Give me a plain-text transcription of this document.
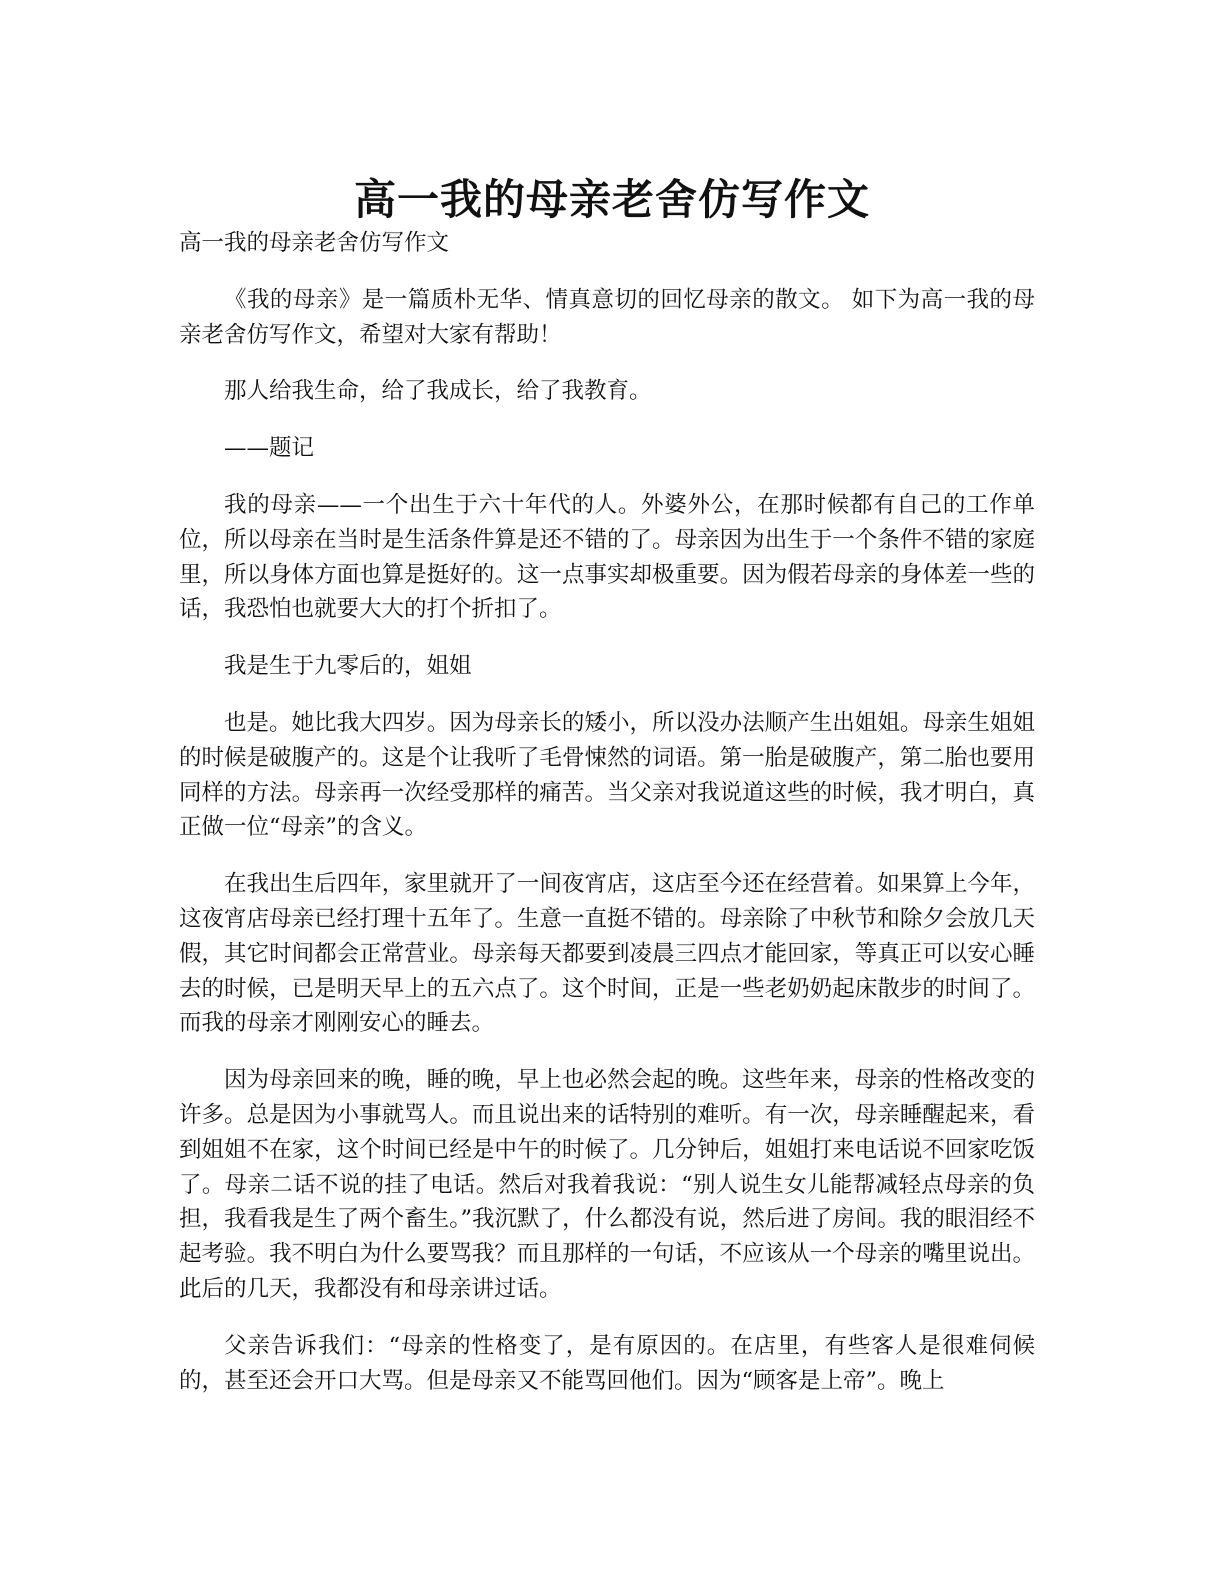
高一我的母亲老舍仿写作文

高一我的母亲老舍仿写作文

《我的母亲》是一篇质朴无华、情真意切的回忆母亲的散文。 如下为高一我的母亲老舍仿写作文，希望对大家有帮助！

那人给我生命，给了我成长，给了我教育。

——题记

我的母亲——一个出生于六十年代的人。外婆外公，在那时候都有自己的工作单位，所以母亲在当时是生活条件算是还不错的了。母亲因为出生于一个条件不错的家庭里，所以身体方面也算是挺好的。这一点事实却极重要。因为假若母亲的身体差一些的话，我恐怕也就要大大的打个折扣了。

我是生于九零后的，姐姐

也是。她比我大四岁。因为母亲长的矮小，所以没办法顺产生出姐姐。母亲生姐姐的时候是破腹产的。这是个让我听了毛骨悚然的词语。第一胎是破腹产，第二胎也要用同样的方法。母亲再一次经受那样的痛苦。当父亲对我说道这些的时候，我才明白，真正做一位“母亲”的含义。

在我出生后四年，家里就开了一间夜宵店，这店至今还在经营着。如果算上今年，这夜宵店母亲已经打理十五年了。生意一直挺不错的。母亲除了中秋节和除夕会放几天假，其它时间都会正常营业。母亲每天都要到凌晨三四点才能回家，等真正可以安心睡去的时候，已是明天早上的五六点了。这个时间，正是一些老奶奶起床散步的时间了。而我的母亲才刚刚安心的睡去。

因为母亲回来的晚，睡的晚，早上也必然会起的晚。这些年来，母亲的性格改变的许多。总是因为小事就骂人。而且说出来的话特别的难听。有一次，母亲睡醒起来，看到姐姐不在家，这个时间已经是中午的时候了。几分钟后，姐姐打来电话说不回家吃饭了。母亲二话不说的挂了电话。然后对我着我说：“别人说生女儿能帮减轻点母亲的负担，我看我是生了两个畜生。”我沉默了，什么都没有说，然后进了房间。我的眼泪经不起考验。我不明白为什么要骂我？而且那样的一句话，不应该从一个母亲的嘴里说出。此后的几天，我都没有和母亲讲过话。

父亲告诉我们：“母亲的性格变了，是有原因的。在店里，有些客人是很难伺候的，甚至还会开口大骂。但是母亲又不能骂回他们。因为“顾客是上帝”。晚上
